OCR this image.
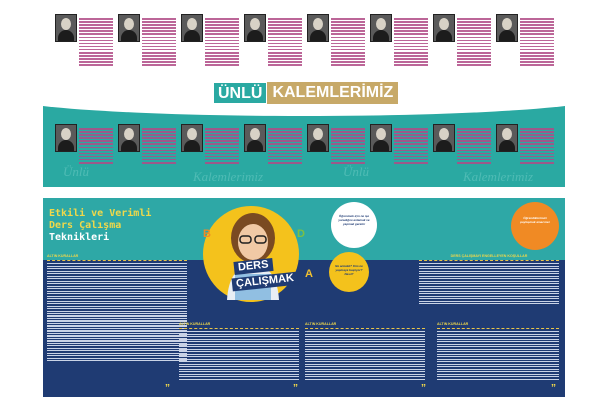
Ünlü	Kalemlerimiz	Ünlü	Kalemlerimiz
ÜNLÜ KALEMLERİMİZ
Etkili ve Verimli
Ders Çalışma
Teknikleri
DERS
ÇALIŞMAK
B	D
A
Öğrenmek için ne işe yaradığını anlamak ve yapmak gerekir
Ne anladık? Kim ne yapmaya başlıyor? Nasıl?
Öğrendiklerimizi paylaşmak amacımız
ALTIN KURALLAR	DERS ÇALIŞMAYI ENGELLEYEN KOŞULLAR
ALTIN KURALLAR	ALTIN KURALLAR	ALTIN KURALLAR
”	”	”	”
